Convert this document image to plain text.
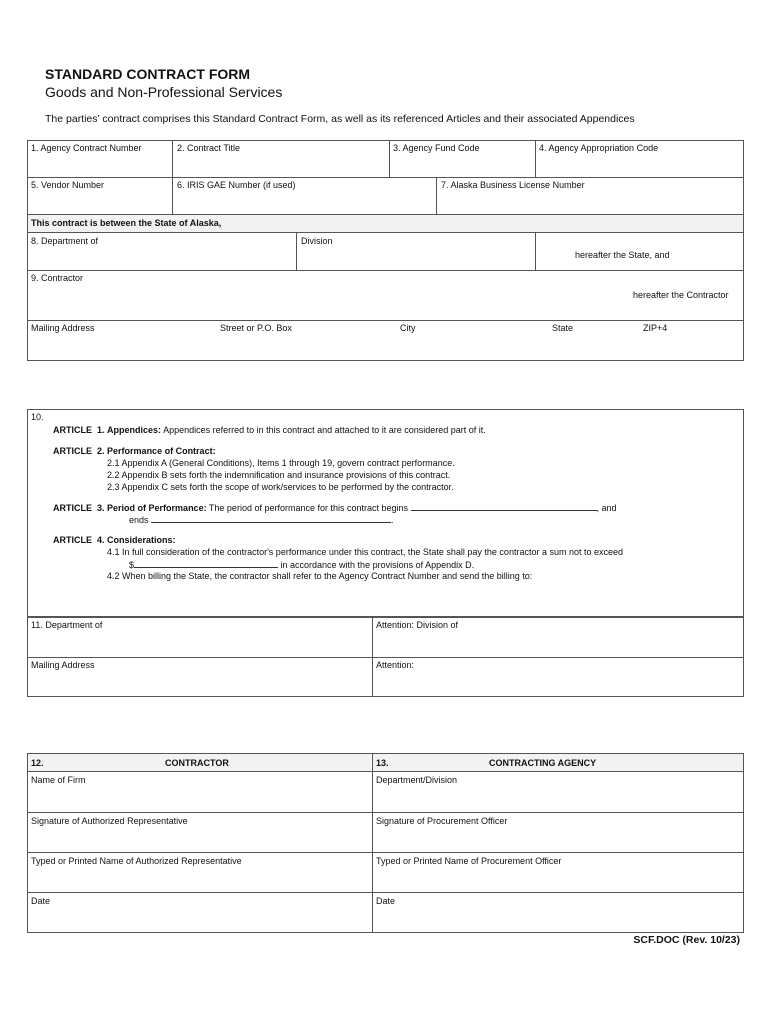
STANDARD CONTRACT FORM
Goods and Non-Professional Services
The parties’ contract comprises this Standard Contract Form, as well as its referenced Articles and their associated Appendices
1. Agency Contract Number	2. Contract Title	3. Agency Fund Code	4. Agency Appropriation Code
5. Vendor Number	6. IRIS GAE Number (if used)	7. Alaska Business License Number
This contract is between the State of Alaska,
8. Department of	Division
hereafter the State, and
9. Contractor
hereafter the Contractor
Mailing Address	Street or P.O. Box	City	State	ZIP+4
10.
ARTICLE 1. Appendices: Appendices referred to in this contract and attached to it are considered part of it.
ARTICLE 2. Performance of Contract:
2.1 Appendix A (General Conditions), Items 1 through 19, govern contract performance.
2.2 Appendix B sets forth the indemnification and insurance provisions of this contract.
2.3 Appendix C sets forth the scope of work/services to be performed by the contractor.
ARTICLE 3. Period of Performance: The period of performance for this contract begins	, and
ends	.
ARTICLE 4. Considerations:
4.1 In full consideration of the contractor's performance under this contract, the State shall pay the contractor a sum not to exceed
$	in accordance with the provisions of Appendix D.
4.2 When billing the State, the contractor shall refer to the Agency Contract Number and send the billing to:
11. Department of	Attention: Division of
Mailing Address	Attention:
12.	CONTRACTOR	13.	CONTRACTING AGENCY
Name of Firm	Department/Division
Signature of Authorized Representative	Signature of Procurement Officer
Typed or Printed Name of Authorized Representative	Typed or Printed Name of Procurement Officer
Date	Date
SCF.DOC (Rev. 10/23)
